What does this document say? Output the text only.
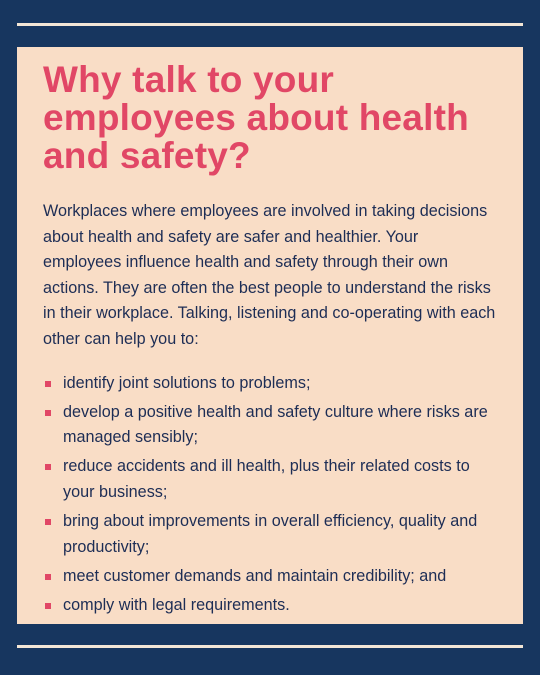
Why talk to your employees about health and safety?

Workplaces where employees are involved in taking decisions about health and safety are safer and healthier. Your employees influence health and safety through their own actions. They are often the best people to understand the risks in their workplace. Talking, listening and co-operating with each other can help you to:

identify joint solutions to problems;
develop a positive health and safety culture where risks are managed sensibly;
reduce accidents and ill health, plus their related costs to your business;
bring about improvements in overall efficiency, quality and productivity;
meet customer demands and maintain credibility; and
comply with legal requirements.
